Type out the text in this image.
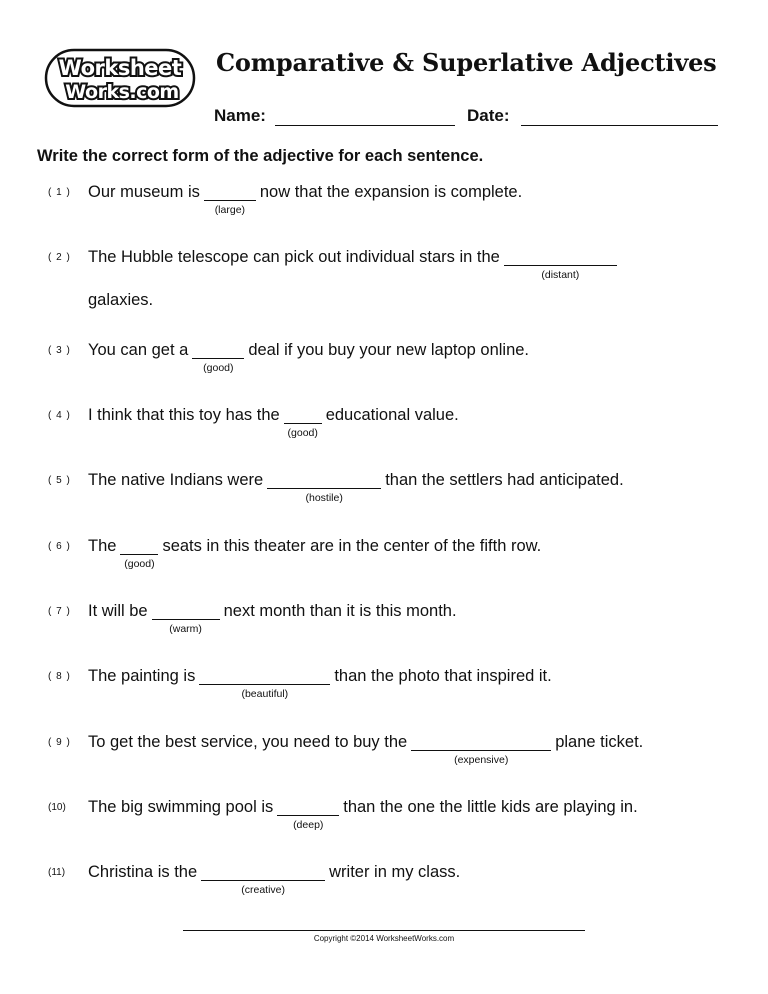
Worksheet
Works.com
Comparative & Superlative Adjectives
Name:	Date:
Write the correct form of the adjective for each sentence.
( 1 )	Our museum is
(large)
now that the expansion is complete.
( 2 )	The Hubble telescope can pick out individual stars in the
(distant)
galaxies.
( 3 )	You can get a
(good)
deal if you buy your new laptop online.
( 4 )	I think that this toy has the
(good)
educational value.
( 5 )	The native Indians were
(hostile)
than the settlers had anticipated.
( 6 )	The
(good)
seats in this theater are in the center of the fifth row.
( 7 )	It will be
(warm)
next month than it is this month.
( 8 )	The painting is
(beautiful)
than the photo that inspired it.
( 9 )	To get the best service, you need to buy the
(expensive)
plane ticket.
(10)	The big swimming pool is
(deep)
than the one the little kids are playing in.
(11)	Christina is the
(creative)
writer in my class.
Copyright ©2014 WorksheetWorks.com
